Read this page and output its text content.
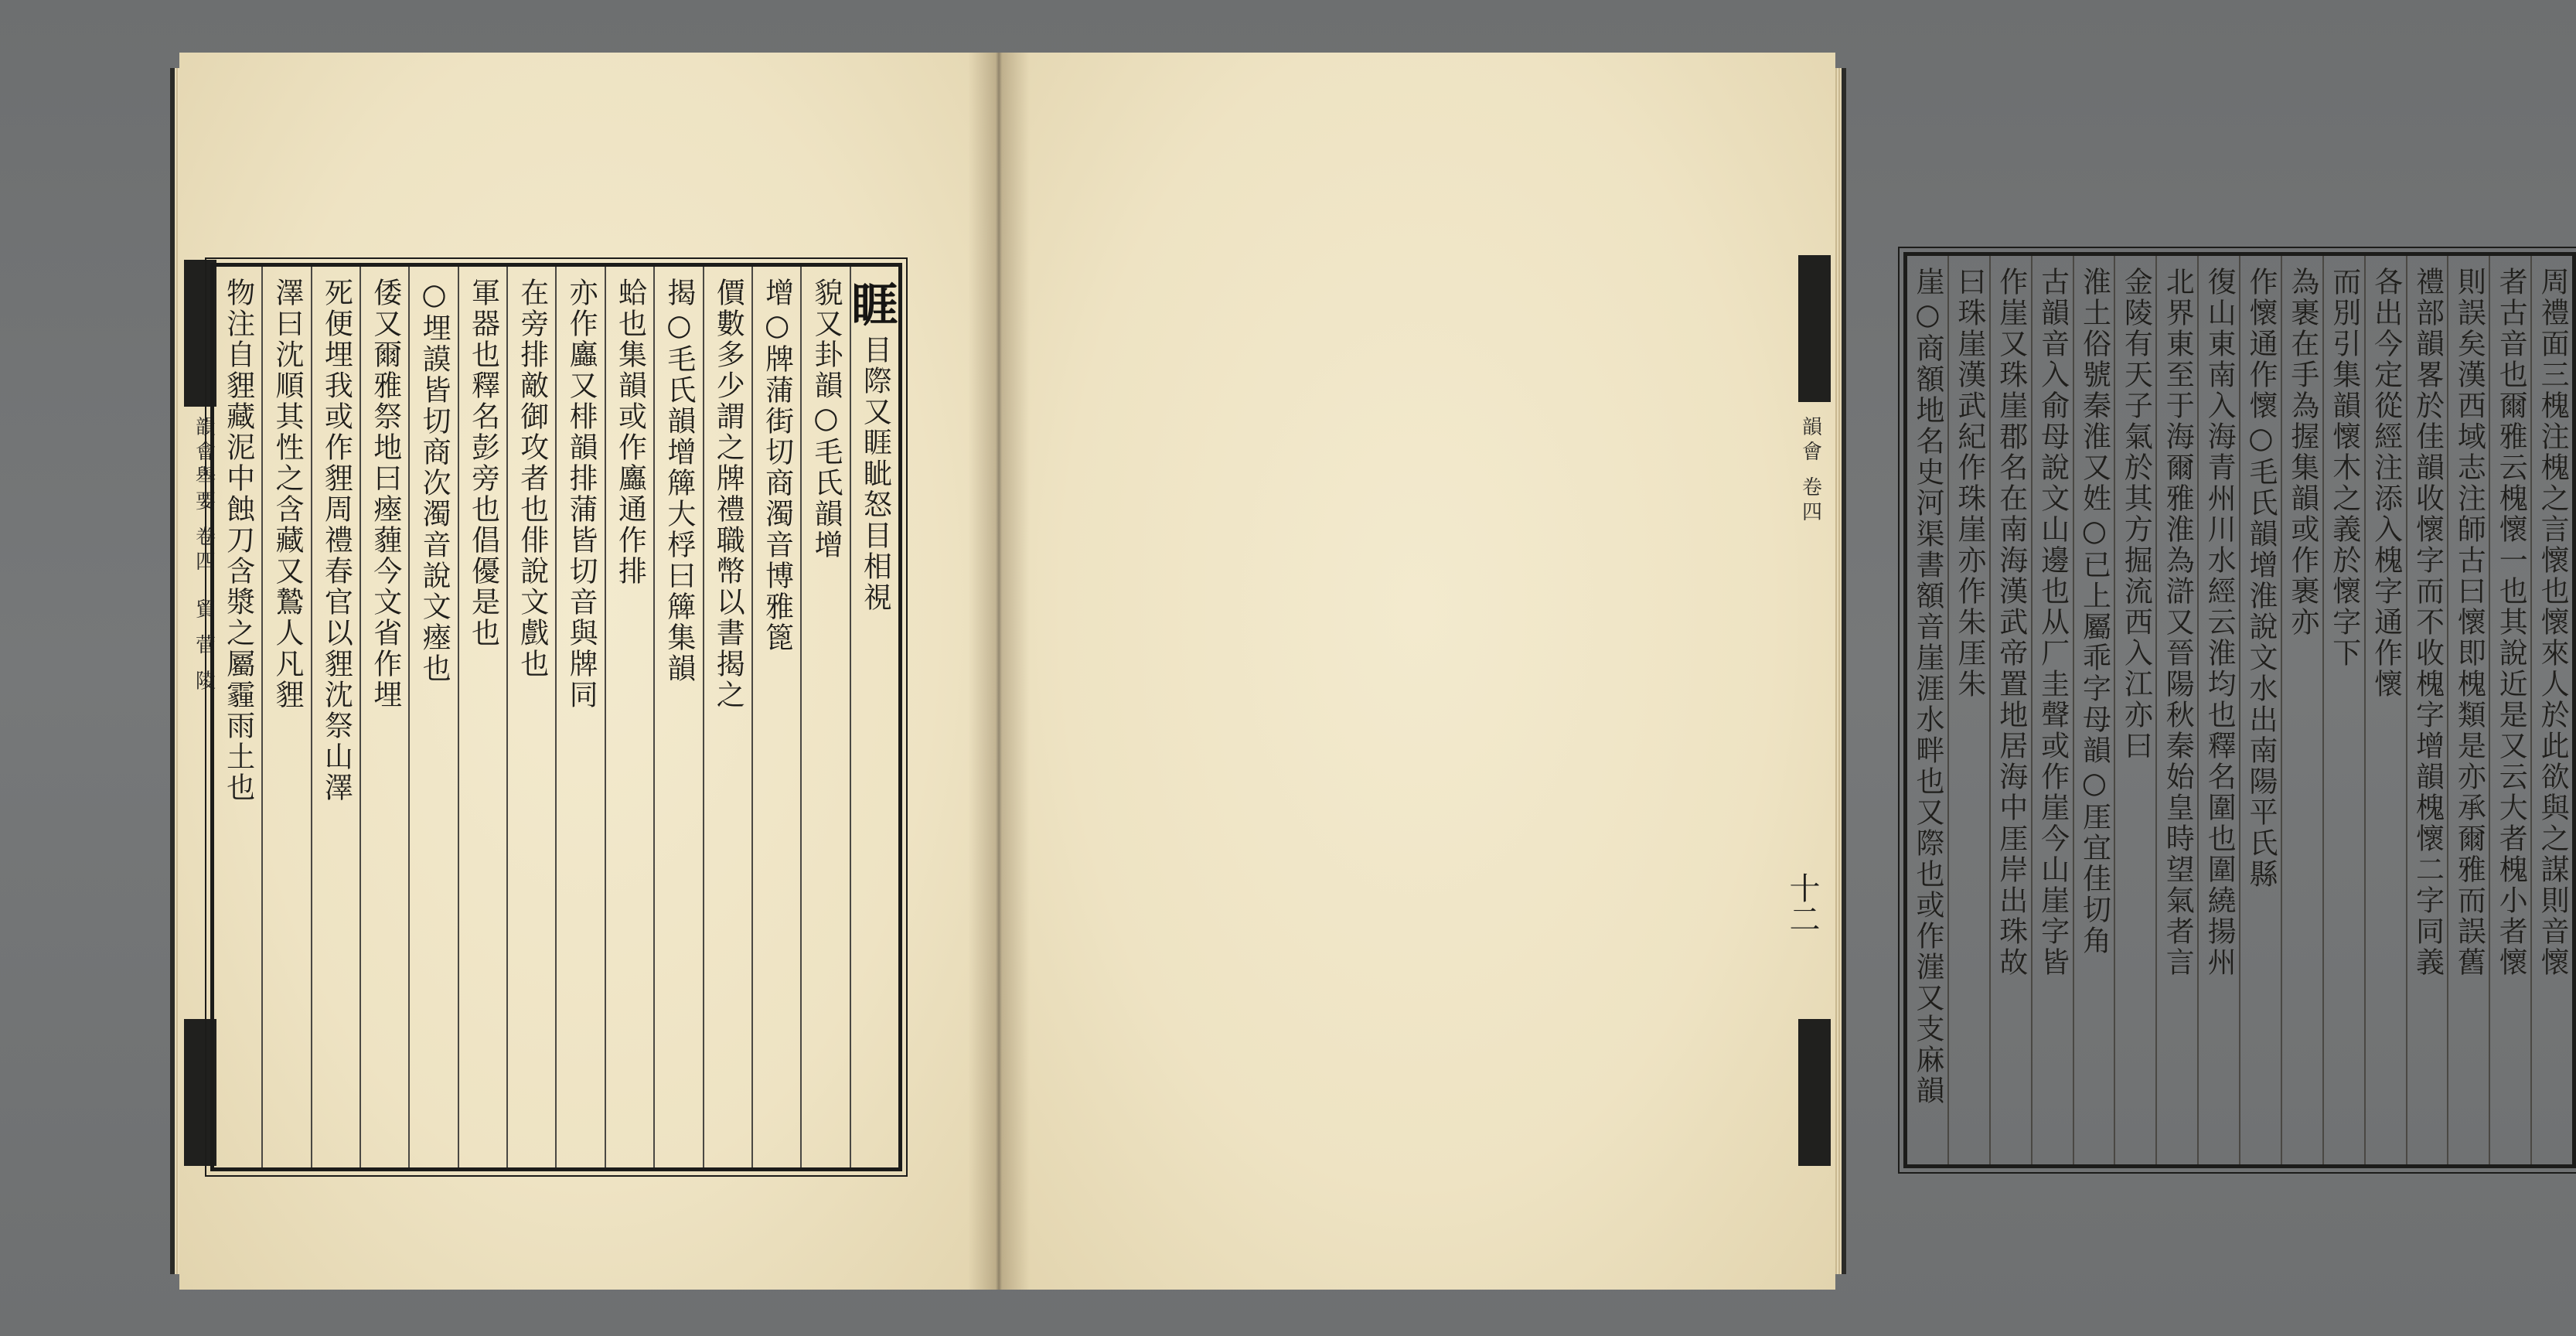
韻會舉要 卷四
貿 菅 陵
睚
目際又睚眦怒目相視
貌又卦韻○毛氏韻增
增○牌蒲街切商濁音博雅篦
價數多少謂之牌禮職幣以書揭之
揭○毛氏韻增簰大桴曰簰集韻
蛤也集韻或作蠯通作排
亦作蠯又棑韻排蒲皆切音與牌同
在旁排敵御攻者也俳說文戲也
軍器也釋名彭旁也倡優是也
○埋謨皆切商次濁音說文瘞也
倭又爾雅祭地曰瘞薶今文省作埋
死便埋我或作貍周禮春官以貍沈祭山澤
澤曰沈順其性之含藏又鷙人凡貍
物注自貍藏泥中蝕刀含漿之屬霾雨土也	韻會 卷四
十二	周禮面三槐注槐之言懷也懷來人於此欲與之謀則音懷
者古音也爾雅云槐懷一也其說近是又云大者槐小者懷
則誤矣漢西域志注師古曰懷即槐類是亦承爾雅而誤舊
禮部韻畧於佳韻收懷字而不收槐字增韻槐懷二字同義
各出今定從經注添入槐字通作懷
而別引集韻懷木之義於懷字下
為裹在手為握集韻或作裹亦
作懷通作懷○毛氏韻增淮說文水出南陽平氏縣
復山東南入海青州川水經云淮均也釋名圍也圍繞揚州
北界東至于海爾雅淮為滸又晉陽秋秦始皇時望氣者言
金陵有天子氣於其方掘流西入江亦曰
淮土俗號秦淮又姓○已上屬乖字母韻○厓宜佳切角
古韻音入俞母說文山邊也从厂圭聲或作崖今山崖字皆
作崖又珠崖郡名在南海漢武帝置地居海中厓岸出珠故
曰珠崖漢武紀作珠崖亦作朱厓朱
崖○商額地名史河渠書額音崖涯水畔也又際也或作漄又支麻韻
